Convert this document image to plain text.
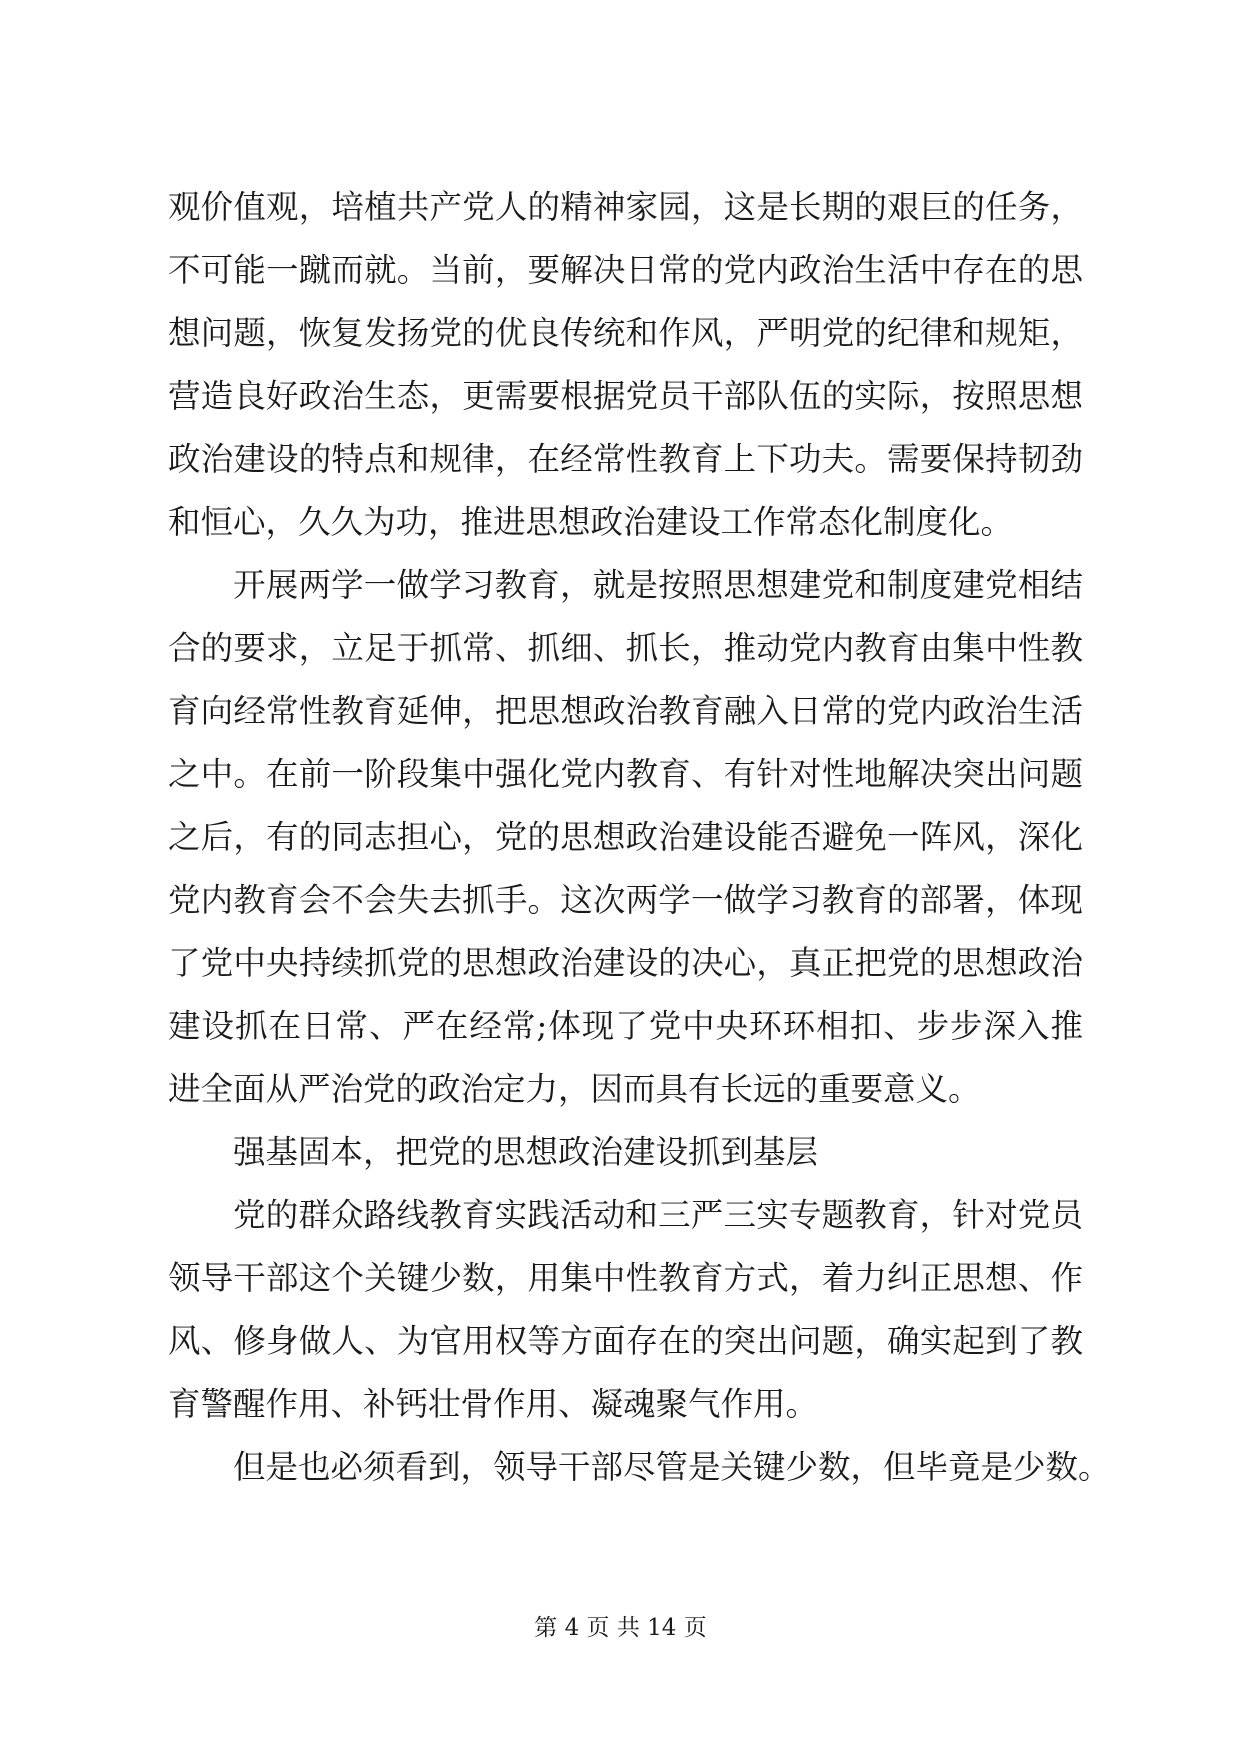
观价值观，培植共产党人的精神家园，这是长期的艰巨的任务，
不可能一蹴而就。当前，要解决日常的党内政治生活中存在的思
想问题，恢复发扬党的优良传统和作风，严明党的纪律和规矩，
营造良好政治生态，更需要根据党员干部队伍的实际，按照思想
政治建设的特点和规律，在经常性教育上下功夫。需要保持韧劲
和恒心，久久为功，推进思想政治建设工作常态化制度化。
开展两学一做学习教育，就是按照思想建党和制度建党相结
合的要求，立足于抓常、抓细、抓长，推动党内教育由集中性教
育向经常性教育延伸，把思想政治教育融入日常的党内政治生活
之中。在前一阶段集中强化党内教育、有针对性地解决突出问题
之后，有的同志担心，党的思想政治建设能否避免一阵风，深化
党内教育会不会失去抓手。这次两学一做学习教育的部署，体现
了党中央持续抓党的思想政治建设的决心，真正把党的思想政治
建设抓在日常、严在经常;体现了党中央环环相扣、步步深入推
进全面从严治党的政治定力，因而具有长远的重要意义。
强基固本，把党的思想政治建设抓到基层
党的群众路线教育实践活动和三严三实专题教育，针对党员
领导干部这个关键少数，用集中性教育方式，着力纠正思想、作
风、修身做人、为官用权等方面存在的突出问题，确实起到了教
育警醒作用、补钙壮骨作用、凝魂聚气作用。
但是也必须看到，领导干部尽管是关键少数，但毕竟是少数。
第 4 页 共 14 页
